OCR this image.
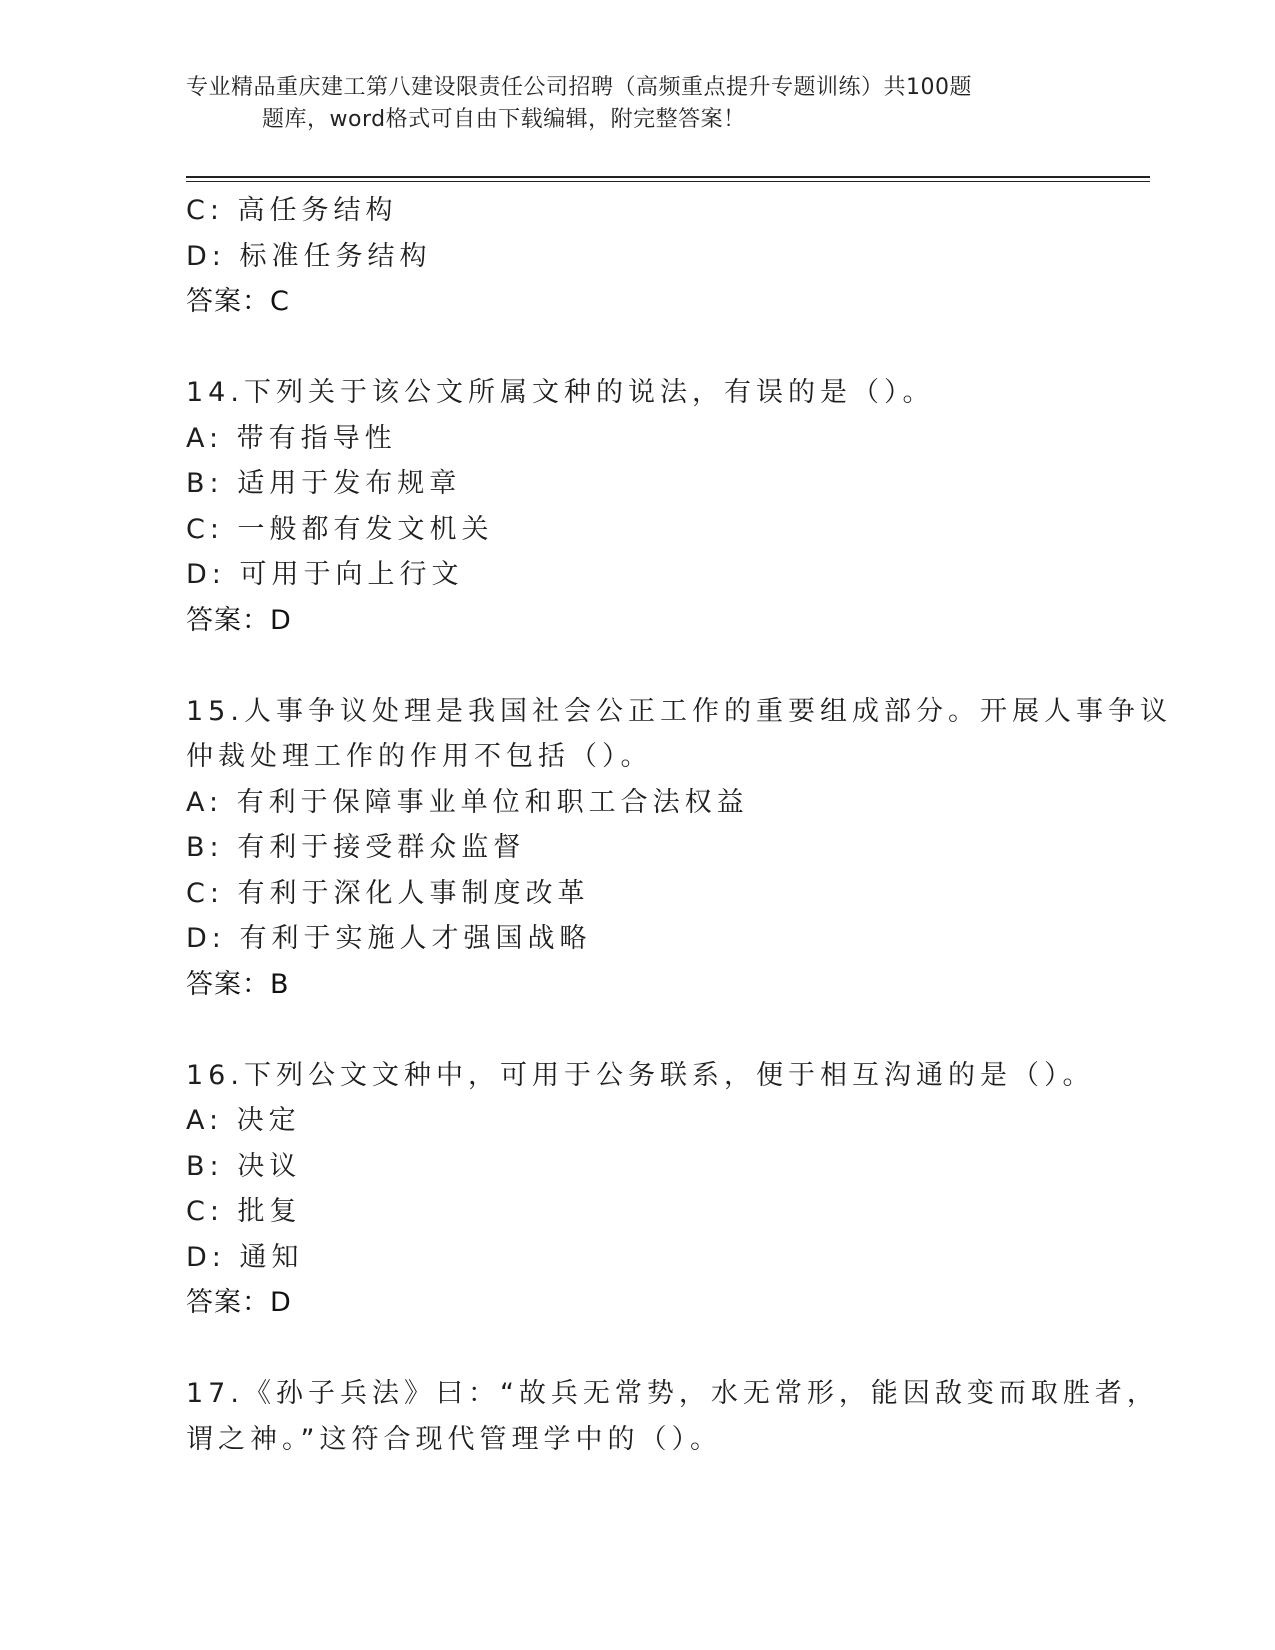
专业精品重庆建工第八建设限责任公司招聘（高频重点提升专题训练）共100题
题库，word格式可自由下载编辑，附完整答案！
C: 高任务结构
D: 标准任务结构
答案：C
14.下列关于该公文所属文种的说法，有误的是（）。
A: 带有指导性
B: 适用于发布规章
C: 一般都有发文机关
D: 可用于向上行文
答案：D
15.人事争议处理是我国社会公正工作的重要组成部分。开展人事争议
仲裁处理工作的作用不包括（）。
A: 有利于保障事业单位和职工合法权益
B: 有利于接受群众监督
C: 有利于深化人事制度改革
D: 有利于实施人才强国战略
答案：B
16.下列公文文种中，可用于公务联系，便于相互沟通的是（）。
A: 决定
B: 决议
C: 批复
D: 通知
答案：D
17.《孙子兵法》曰：“故兵无常势，水无常形，能因敌变而取胜者，
谓之神。”这符合现代管理学中的（）。
